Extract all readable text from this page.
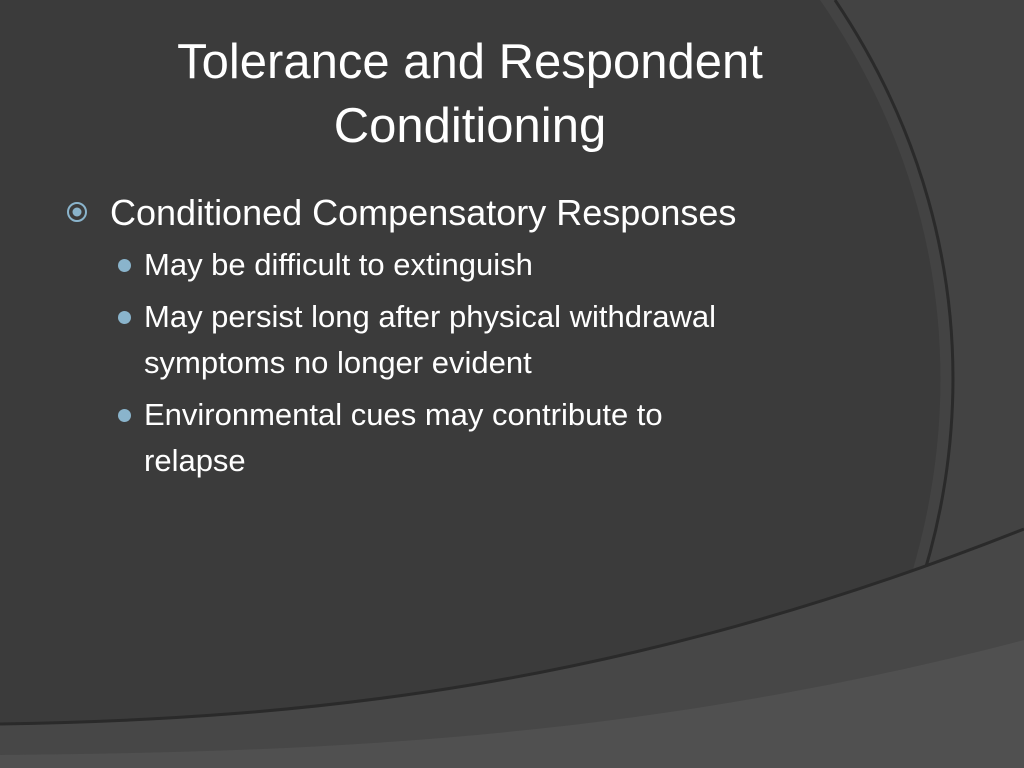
Tolerance and Respondent
Conditioning
Conditioned Compensatory Responses
May be difficult to extinguish
May persist long after physical withdrawal
symptoms no longer evident
Environmental cues may contribute to
relapse
